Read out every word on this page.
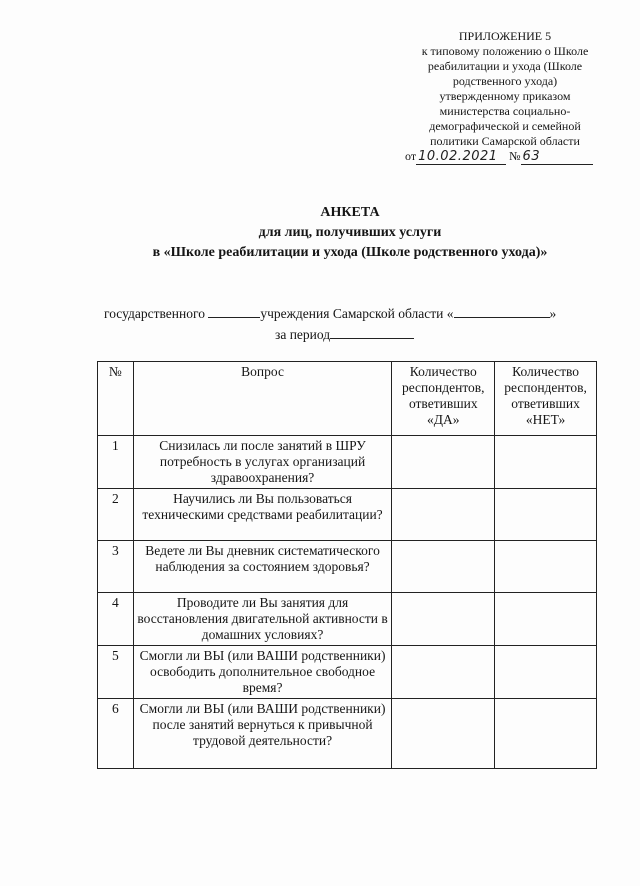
ПРИЛОЖЕНИЕ 5
к типовому положению о Школе
реабилитации и ухода (Школе
родственного ухода)
утвержденному приказом
министерства социально-
демографической и семейной
политики Самарской области
от 10.02.2021 № 63
АНКЕТА
для лиц, получивших услуги
в «Школе реабилитации и ухода (Школе родственного ухода)»
государственного	учреждения Самарской области «	»
за период
№	Вопрос	Количество респондентов, ответивших «ДА»	Количество респондентов, ответивших «НЕТ»
1	Снизилась ли после занятий в ШРУ потребность в услугах организаций здравоохранения?		
2	Научились ли Вы пользоваться техническими средствами реабилитации?		
3	Ведете ли Вы дневник систематического наблюдения за состоянием здоровья?		
4	Проводите ли Вы занятия для восстановления двигательной активности в домашних условиях?		
5	Смогли ли ВЫ (или ВАШИ родственники) освободить дополнительное свободное время?		
6	Смогли ли ВЫ (или ВАШИ родственники) после занятий вернуться к привычной трудовой деятельности?		
